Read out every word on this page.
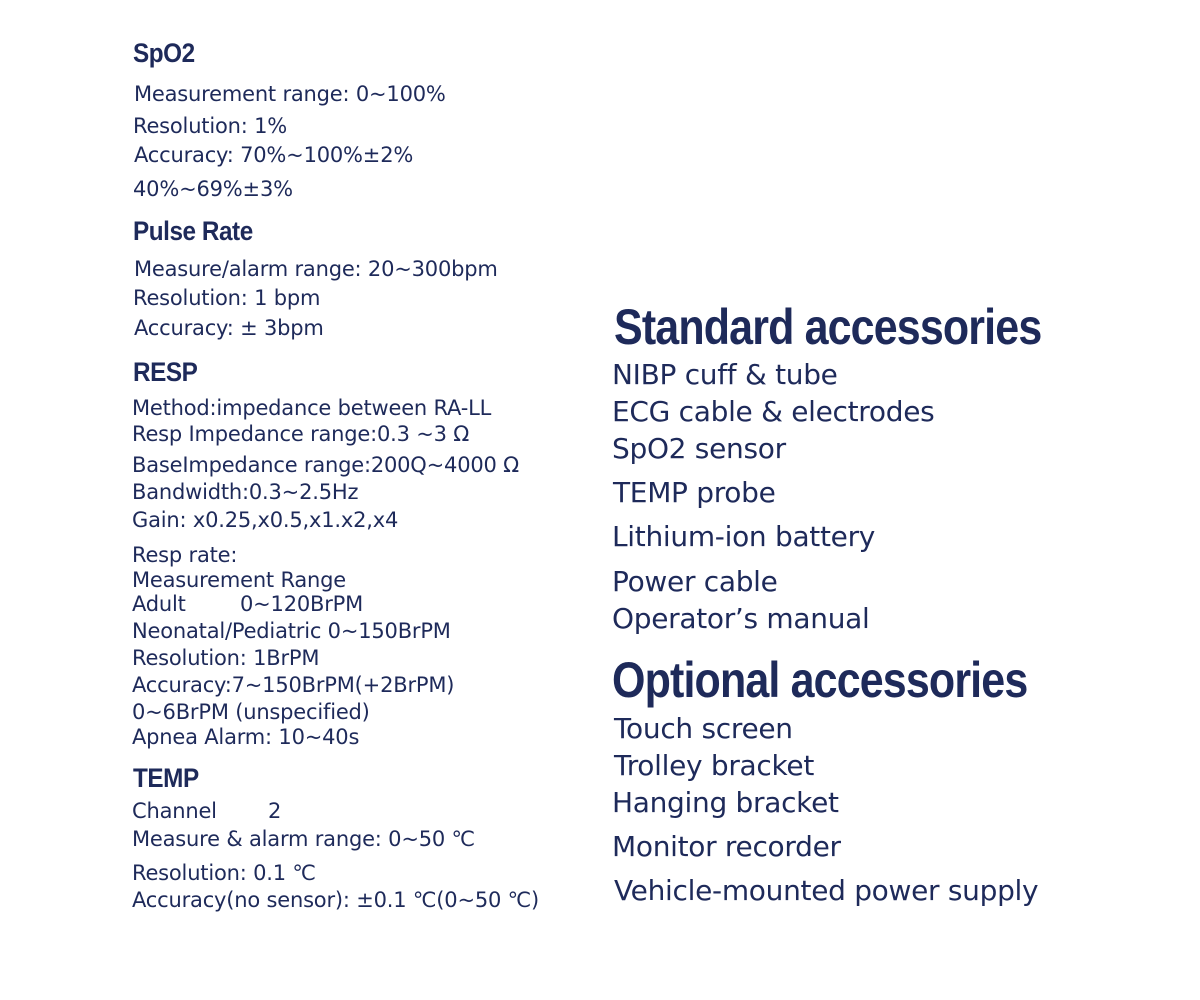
SpO2
Measurement range: 0~100%
Resolution: 1%
Accuracy: 70%~100%±2%
40%~69%±3%
Pulse Rate
Measure/alarm range: 20~300bpm
Resolution: 1 bpm
Accuracy: ± 3bpm
RESP
Method:impedance between RA-LL
Resp Impedance range:0.3 ~3 Ω
BaseImpedance range:200Q~4000 Ω
Bandwidth:0.3~2.5Hz
Gain: x0.25,x0.5,x1.x2,x4
Resp rate:
Measurement Range
Adult	0~120BrPM
Neonatal/Pediatric 0~150BrPM
Resolution: 1BrPM
Accuracy:7~150BrPM(+2BrPM)
0~6BrPM (unspecified)
Apnea Alarm: 10~40s
TEMP
Channel 2
Measure & alarm range: 0~50 ℃
Resolution: 0.1 ℃
Accuracy(no sensor): ±0.1 ℃(0~50 ℃)
Standard accessories
NIBP cuff & tube
ECG cable & electrodes
SpO2 sensor
TEMP probe
Lithium-ion battery
Power cable
Operator’s manual
Optional accessories
Touch screen
Trolley bracket
Hanging bracket
Monitor recorder
Vehicle-mounted power supply
